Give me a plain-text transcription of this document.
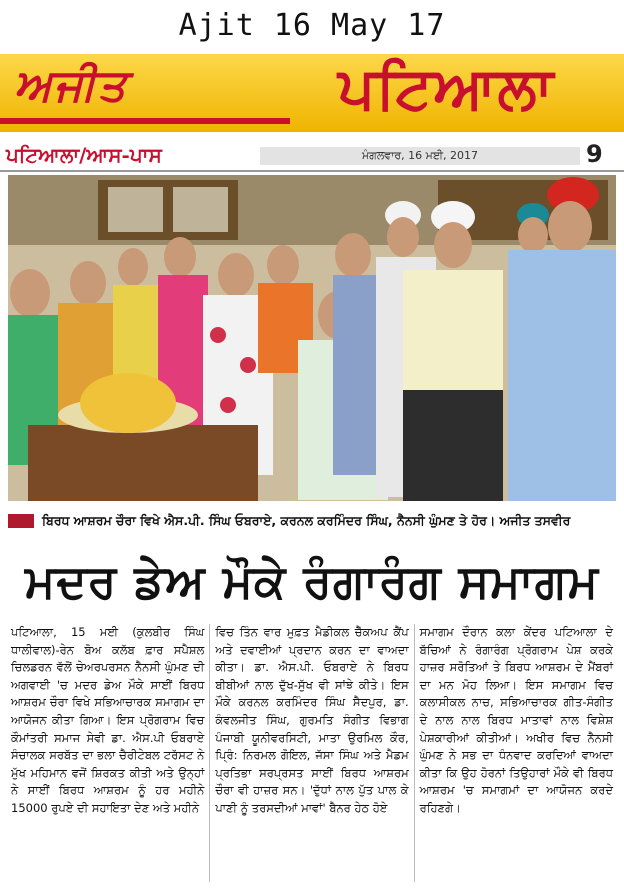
Ajit 16 May 17
ਅਜੀਤ	ਪਟਿਆਲਾ
ਪਟਿਆਲਾ/ਆਸ-ਪਾਸ	ਮੰਗਲਵਾਰ, 16 ਮਈ, 2017	9
ਬਿਰਧ ਆਸ਼ਰਮ ਚੌਰਾ ਵਿਖੇ ਐਸ.ਪੀ. ਸਿੰਘ ਓਬਰਾਏ, ਕਰਨਲ ਕਰਮਿੰਦਰ ਸਿੰਘ, ਨੈਨਸੀ ਘੁੰਮਣ ਤੇ ਹੋਰ। ਅਜੀਤ ਤਸਵੀਰ
ਮਦਰ ਡੇਅ ਮੌਕੇ ਰੰਗਾਰੰਗ ਸਮਾਗਮ
ਪਟਿਆਲਾ, 15 ਮਈ (ਕੁਲਬੀਰ ਸਿੰਘ ਧਾਲੀਵਾਲ)-ਰੇਨ ਬੋਅ ਕਲੱਬ ਫ਼ਾਰ ਸਪੈਸ਼ਲ ਚਿਲਡਰਨ ਵੱਲੋਂ ਚੇਅਰਪਰਸਨ ਨੈਨਸੀ ਘੁੰਮਣ ਦੀ ਅਗਵਾਈ 'ਚ ਮਦਰ ਡੇਅ ਮੌਕੇ ਸਾਈਂ ਬਿਰਧ ਆਸ਼ਰਮ ਚੌਰਾ ਵਿਖੇ ਸਭਿਆਚਾਰਕ ਸਮਾਗਮ ਦਾ ਆਯੋਜਨ ਕੀਤਾ ਗਿਆ। ਇਸ ਪ੍ਰੋਗਰਾਮ ਵਿਚ ਕੌਮਾਂਤਰੀ ਸਮਾਜ ਸੇਵੀ ਡਾ. ਐਸ.ਪੀ ਓਬਰਾਏ ਸੰਚਾਲਕ ਸਰਬੱਤ ਦਾ ਭਲਾ ਚੈਰੀਟੇਬਲ ਟਰੱਸਟ ਨੇ ਮੁੱਖ ਮਹਿਮਾਨ ਵਜੋਂ ਸ਼ਿਰਕਤ ਕੀਤੀ ਅਤੇ ਉਨ੍ਹਾਂ ਨੇ ਸਾਈਂ ਬਿਰਧ ਆਸ਼ਰਮ ਨੂੰ ਹਰ ਮਹੀਨੇ 15000 ਰੁਪਏ ਦੀ ਸਹਾਇਤਾ ਦੇਣ ਅਤੇ ਮਹੀਨੇ
ਵਿਚ ਤਿੰਨ ਵਾਰ ਮੁਫ਼ਤ ਮੈਡੀਕਲ ਚੈੱਕਅਪ ਕੈਂਪ ਅਤੇ ਦਵਾਈਆਂ ਪ੍ਰਦਾਨ ਕਰਨ ਦਾ ਵਾਅਦਾ ਕੀਤਾ। ਡਾ. ਐਸ.ਪੀ. ਓਬਰਾਏ ਨੇ ਬਿਰਧ ਬੀਬੀਆਂ ਨਾਲ ਦੁੱਖ-ਸੁੱਖ ਵੀ ਸਾਂਝੇ ਕੀਤੇ। ਇਸ ਮੌਕੇ ਕਰਨਲ ਕਰਮਿੰਦਰ ਸਿੰਘ ਸੈਦਪੁਰ, ਡਾ. ਕੰਵਲਜੀਤ ਸਿੰਘ, ਗੁਰਮਤਿ ਸੰਗੀਤ ਵਿਭਾਗ ਪੰਜਾਬੀ ਯੂਨੀਵਰਸਿਟੀ, ਮਾਤਾ ਉਰਮਿਲ ਕੌਰ, ਪ੍ਰਿੰ: ਨਿਰਮਲ ਗੋਇਲ, ਜੱਸਾ ਸਿੰਘ ਅਤੇ ਮੈਡਮ ਪ੍ਰਤਿਭਾ ਸਰਪ੍ਰਸਤ ਸਾਈਂ ਬਿਰਧ ਆਸ਼ਰਮ ਚੌਰਾ ਵੀ ਹਾਜ਼ਰ ਸਨ। 'ਦੁੱਧਾਂ ਨਾਲ ਪੁੱਤ ਪਾਲ ਕੇ ਪਾਣੀ ਨੂੰ ਤਰਸਦੀਆਂ ਮਾਵਾਂ' ਬੈਨਰ ਹੇਠ ਹੋਏ
ਸਮਾਗਮ ਦੌਰਾਨ ਕਲਾ ਕੇਂਦਰ ਪਟਿਆਲਾ ਦੇ ਬੱਚਿਆਂ ਨੇ ਰੰਗਾਰੰਗ ਪ੍ਰੋਗਰਾਮ ਪੇਸ਼ ਕਰਕੇ ਹਾਜ਼ਰ ਸਰੋਤਿਆਂ ਤੇ ਬਿਰਧ ਆਸ਼ਰਮ ਦੇ ਮੈਂਬਰਾਂ ਦਾ ਮਨ ਮੋਹ ਲਿਆ। ਇਸ ਸਮਾਗਮ ਵਿਚ ਕਲਾਸੀਕਲ ਨਾਚ, ਸਭਿਆਚਾਰਕ ਗੀਤ-ਸੰਗੀਤ ਦੇ ਨਾਲ ਨਾਲ ਬਿਰਧ ਮਾਤਾਵਾਂ ਨਾਲ ਵਿਸ਼ੇਸ਼ ਪੇਸ਼ਕਾਰੀਆਂ ਕੀਤੀਆਂ। ਅਖੀਰ ਵਿਚ ਨੈਨਸੀ ਘੁੰਮਣ ਨੇ ਸਭ ਦਾ ਧੰਨਵਾਦ ਕਰਦਿਆਂ ਵਾਅਦਾ ਕੀਤਾ ਕਿ ਉਹ ਹੋਰਨਾਂ ਤਿਉਹਾਰਾਂ ਮੌਕੇ ਵੀ ਬਿਰਧ ਆਸ਼ਰਮ 'ਚ ਸਮਾਗਮਾਂ ਦਾ ਆਯੋਜਨ ਕਰਦੇ ਰਹਿਣਗੇ।
